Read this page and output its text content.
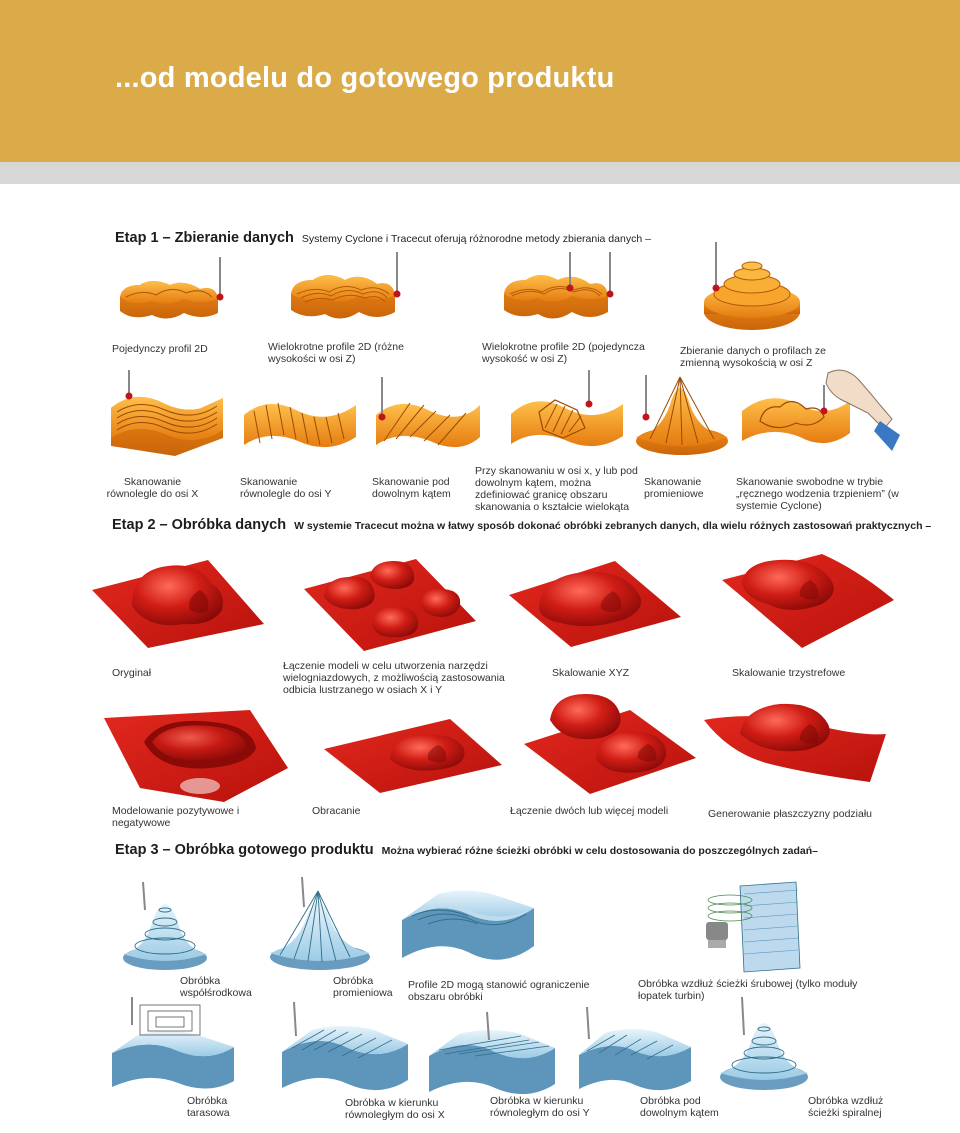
...od modelu do gotowego produktu
Etap 1 – Zbieranie danych Systemy Cyclone i Tracecut oferują różnorodne metody zbierania danych –
Pojedynczy profil 2D	Wielokrotne profile 2D (różne wysokości w osi Z)
Wielokrotne profile 2D (pojedyncza wysokość w osi Z)
Zbieranie danych o profilach ze zmienną wysokością w osi Z
Skanowanie równolegle do osi X
Skanowanie równolegle do osi Y
Skanowanie pod dowolnym kątem
Przy skanowaniu w osi x, y lub pod dowolnym kątem, można zdefiniować granicę obszaru skanowania o kształcie wielokąta
Skanowanie promieniowe
Skanowanie swobodne w trybie „ręcznego wodzenia trzpieniem” (w systemie Cyclone)
Etap 2 – Obróbka danych W systemie Tracecut można w łatwy sposób dokonać obróbki zebranych danych, dla wielu różnych zastosowań praktycznych –
Oryginał
Łączenie modeli w celu utworzenia narzędzi wielogniazdowych, z możliwością zastosowania odbicia lustrzanego w osiach X i Y
Skalowanie XYZ	Skalowanie trzystrefowe
Modelowanie pozytywowe i negatywowe
Obracanie	Łączenie dwóch lub więcej modeli	Generowanie płaszczyzny podziału
Etap 3 – Obróbka gotowego produktu Można wybierać różne ścieżki obróbki w celu dostosowania do poszczególnych zadań–
Obróbka współśrodkowa
Obróbka promieniowa
Profile 2D mogą stanowić ograniczenie obszaru obróbki
Obróbka wzdłuż ścieżki śrubowej (tylko moduły łopatek turbin)
Obróbka tarasowa
Obróbka w kierunku równoległym do osi X
Obróbka w kierunku równoległym do osi Y
Obróbka pod dowolnym kątem
Obróbka wzdłuż ścieżki spiralnej
